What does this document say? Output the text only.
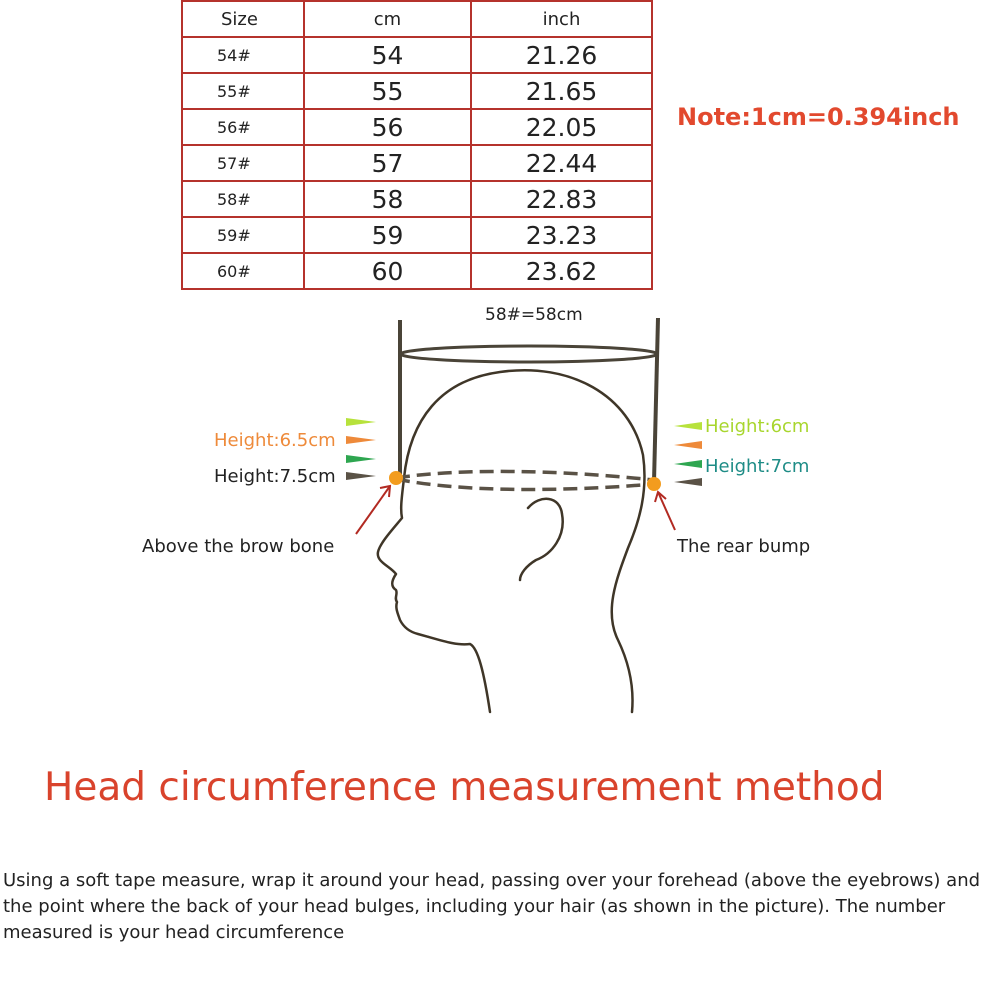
Size	cm	inch
54#	54	21.26
55#	55	21.65
56#	56	22.05
57#	57	22.44
58#	58	22.83
59#	59	23.23
60#	60	23.62
Note:1cm=0.394inch
58#=58cm
Height:6.5cm
Height:7.5cm
Height:6cm
Height:7cm
Above the brow bone	The rear bump
Head circumference measurement method
Using a soft tape measure, wrap it around your head, passing over your forehead (above the eyebrows) and the point where the back of your head bulges, including your hair (as shown in the picture). The number measured is your head circumference
